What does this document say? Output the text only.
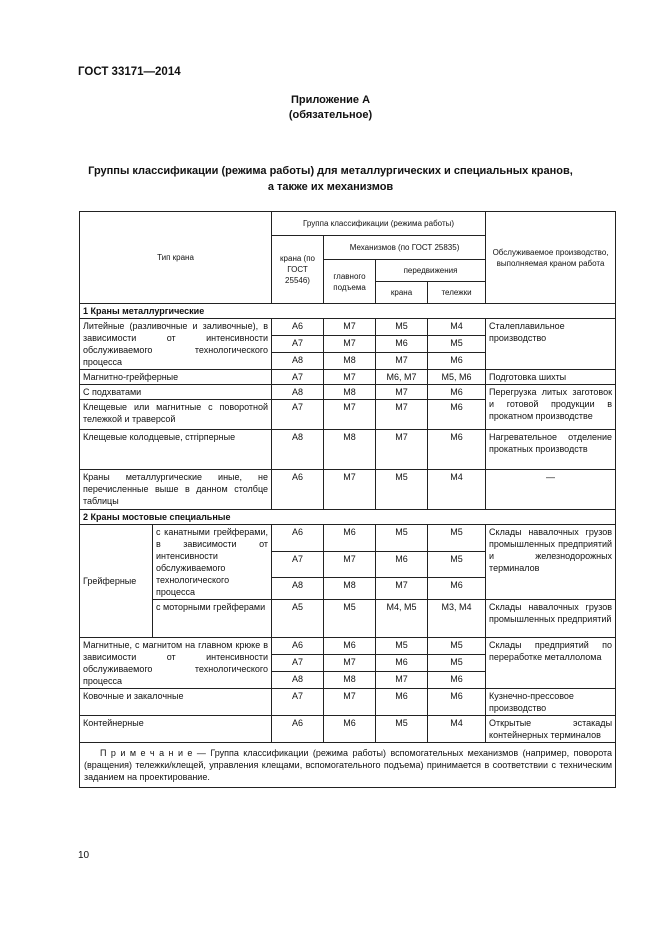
ГОСТ 33171—2014
Приложение А
(обязательное)
Группы классификации (режима работы) для металлургических и специальных кранов,
а также их механизмов
Тип крана		Группа классификации (режима работы)				Обслуживаемое производство, выполняемая краном работа
		крана (по ГОСТ 25546)	Механизмов (по ГОСТ 25835)			
			главного подъема	передвижения		
				крана	тележки	
1 Краны металлургические						
Литейные (разливочные и заливочные), в зависимости от интенсивности обслуживаемого технологического процесса		А6	М7	М5	М4	Сталеплавильное производство
		А7	М7	М6	М5	
		А8	М8	М7	М6	
Магнитно-грейферные		А7	М7	М6, М7	М5, М6	Подготовка шихты
С подхватами		А8	М8	М7	М6	Перегрузка литых заготовок и готовой продукции в прокатном производстве
Клещевые или магнитные с поворотной тележкой и траверсой		А7	М7	М7	М6	
Клещевые колодцевые, стripперные		А8	М8	М7	М6	Нагревательное отделение прокатных производств
Краны металлургические иные, не перечисленные выше в данном столбце таблицы		А6	М7	М5	М4	—
2 Краны мостовые специальные						
Грейферные	с канатными грейферами, в зависимости от интенсивности обслуживаемого технологического процесса	А6	М6	М5	М5	Склады навалочных грузов промышленных предприятий и железнодорожных терминалов
		А7	М7	М6	М5	
		А8	М8	М7	М6	
	с моторными грейферами	А5	М5	М4, М5	М3, М4	Склады навалочных грузов промышленных предприятий
Магнитные, с магнитом на главном крюке в зависимости от интенсивности обслуживаемого технологического процесса		А6	М6	М5	М5	Склады предприятий по переработке металлолома
		А7	М7	М6	М5	
		А8	М8	М7	М6	
Ковочные и закалочные		А7	М7	М6	М6	Кузнечно-прессовое производство
Контейнерные		А6	М6	М5	М4	Открытые эстакады контейнерных терминалов
П р и м е ч а н и е — Группа классификации (режима работы) вспомогательных механизмов (например, поворота (вращения) тележки/клещей, управления клещами, вспомогательного подъема) принимается в соответствии с техническим заданием на проектирование.						
10
